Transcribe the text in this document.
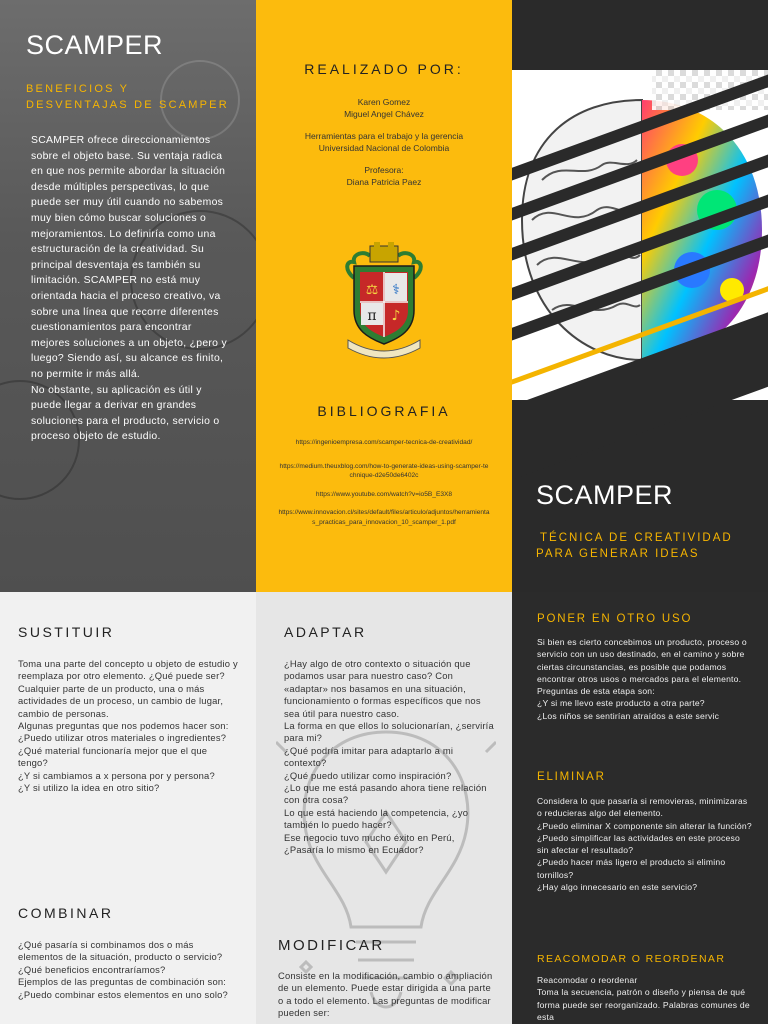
SCAMPER
BENEFICIOS Y
DESVENTAJAS DE SCAMPER
SCAMPER ofrece direccionamientos sobre el objeto base. Su ventaja radica en que nos permite abordar la situación desde múltiples perspectivas, lo que puede ser muy útil cuando no sabemos muy bien cómo buscar soluciones o mejoramientos. Lo definiría como una estructuración de la creatividad. Su principal desventaja es también su limitación. SCAMPER no está muy orientada hacia el proceso creativo, va sobre una línea que recorre diferentes cuestionamientos para encontrar mejores soluciones a un objeto, ¿pero y luego? Siendo así, su alcance es finito, no permite ir más allá.
No obstante, su aplicación es útil y puede llegar a derivar en grandes soluciones para el producto, servicio o proceso objeto de estudio.
REALIZADO POR:
Karen Gomez
Miguel Angel Chávez
Herramientas para el trabajo y la gerencia
Universidad Nacional de Colombia
Profesora:
Diana Patricia Paez
⚖ ⚕
π ♪
BIBLIOGRAFIA
https://ingenioempresa.com/scamper-tecnica-de-creatividad/
https://medium.theuxblog.com/how-to-generate-ideas-using-scamper-technique-d2e50de6402c
https://www.youtube.com/watch?v=io5B_E3X8
https://www.innovacion.cl/sites/default/files/articulo/adjuntos/herramientas_practicas_para_innovacion_10_scamper_1.pdf
SCAMPER
TÉCNICA DE CREATIVIDAD
PARA GENERAR IDEAS
SUSTITUIR
Toma una parte del concepto u objeto de estudio y reemplaza por otro elemento. ¿Qué puede ser? Cualquier parte de un producto, una o más actividades de un proceso, un cambio de lugar, cambio de personas.
Algunas preguntas que nos podemos hacer son:
¿Puedo utilizar otros materiales o ingredientes?
¿Qué material funcionaría mejor que el que tengo?
¿Y si cambiamos a x persona por y persona?
¿Y si utilizo la idea en otro sitio?
COMBINAR
¿Qué pasaría si combinamos dos o más elementos de la situación, producto o servicio? ¿Qué beneficios encontraríamos?
Ejemplos de las preguntas de combinación son:
¿Puedo combinar estos elementos en uno solo?
ADAPTAR
¿Hay algo de otro contexto o situación que podamos usar para nuestro caso? Con «adaptar» nos basamos en una situación, funcionamiento o formas específicos que nos sea útil para nuestro caso.
La forma en que ellos lo solucionarían, ¿serviría para mi?
¿Qué podría imitar para adaptarlo a mi contexto?
¿Qué puedo utilizar como inspiración?
¿Lo que me está pasando ahora tiene relación con otra cosa?
Lo que está haciendo la competencia, ¿yo también lo puedo hacer?
Ese negocio tuvo mucho éxito en Perú, ¿Pasaría lo mismo en Ecuador?
MODIFICAR
Consiste en la modificación, cambio o ampliación de un elemento. Puede estar dirigida a una parte o a todo el elemento. Las preguntas de modificar pueden ser:
PONER EN OTRO USO
Si bien es cierto concebimos un producto, proceso o servicio con un uso destinado, en el camino y sobre ciertas circunstancias, es posible que podamos encontrar otros usos o mercados para el elemento.
Preguntas de esta etapa son:
¿Y si me llevo este producto a otra parte?
¿Los niños se sentirían atraídos a este servic
ELIMINAR
Considera lo que pasaría si removieras, minimizaras o reducieras algo del elemento.
¿Puedo eliminar X componente sin alterar la función?
¿Puedo simplificar las actividades en este proceso sin afectar el resultado?
¿Puedo hacer más ligero el producto si elimino tornillos?
¿Hay algo innecesario en este servicio?
REACOMODAR O REORDENAR
Reacomodar o reordenar
Toma la secuencia, patrón o diseño y piensa de qué forma puede ser reorganizado. Palabras comunes de esta
